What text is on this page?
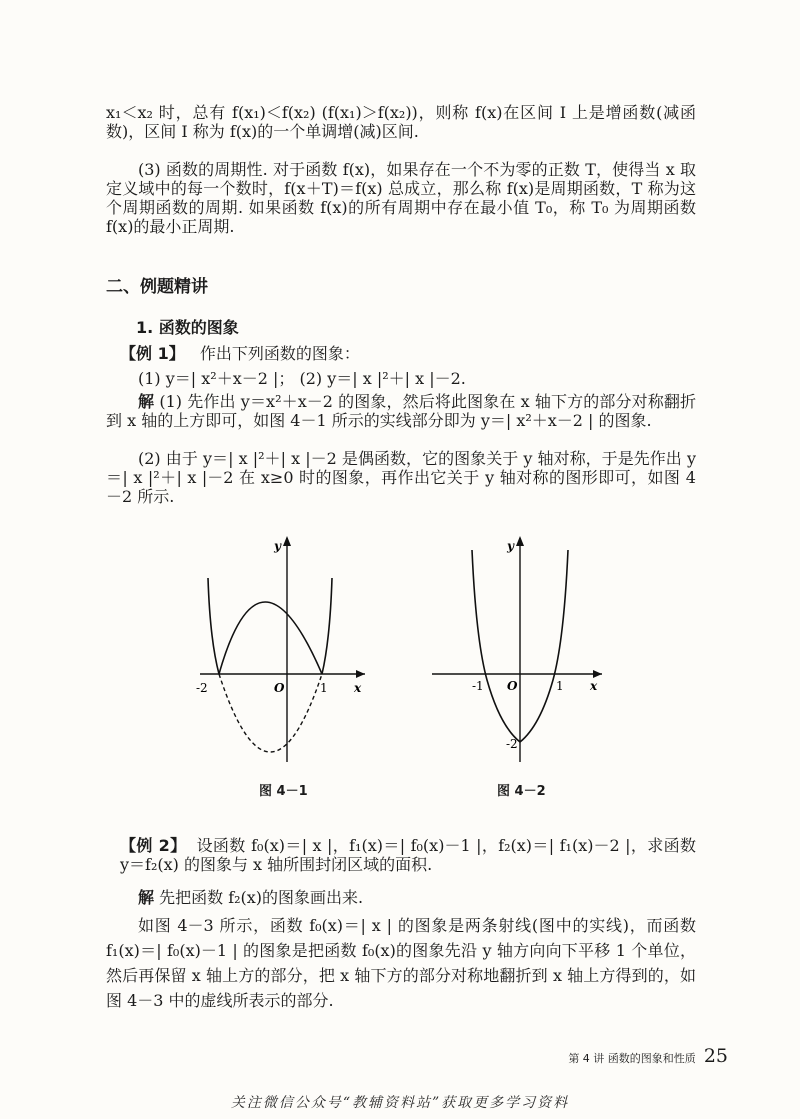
x₁＜x₂ 时，总有 f(x₁)＜f(x₂) (f(x₁)＞f(x₂))，则称 f(x)在区间 I 上是增函数(减函数)，区间 I 称为 f(x)的一个单调增(减)区间.
(3) 函数的周期性. 对于函数 f(x)，如果存在一个不为零的正数 T，使得当 x 取定义域中的每一个数时，f(x＋T)＝f(x) 总成立，那么称 f(x)是周期函数，T 称为这个周期函数的周期. 如果函数 f(x)的所有周期中存在最小值 T₀，称 T₀ 为周期函数 f(x)的最小正周期.
二、例题精讲
1. 函数的图象
【例 1】 作出下列函数的图象：
(1) y＝| x²＋x－2 |； (2) y＝| x |²＋| x |－2.
解 (1) 先作出 y＝x²＋x－2 的图象，然后将此图象在 x 轴下方的部分对称翻折到 x 轴的上方即可，如图 4－1 所示的实线部分即为 y＝| x²＋x－2 | 的图象.
(2) 由于 y＝| x |²＋| x |－2 是偶函数，它的图象关于 y 轴对称，于是先作出 y＝| x |²＋| x |－2 在 x≥0 时的图象，再作出它关于 y 轴对称的图形即可，如图 4－2 所示.
-2	O	1 x
y
图 4－1
-1 O	1 x
-2
y
图 4－2
【例 2】 设函数 f₀(x)＝| x |，f₁(x)＝| f₀(x)－1 |，f₂(x)＝| f₁(x)－2 |，求函数 y＝f₂(x) 的图象与 x 轴所围封闭区域的面积.
解 先把函数 f₂(x)的图象画出来.
如图 4－3 所示，函数 f₀(x)＝| x | 的图象是两条射线(图中的实线)，而函数 f₁(x)＝| f₀(x)－1 | 的图象是把函数 f₀(x)的图象先沿 y 轴方向向下平移 1 个单位，然后再保留 x 轴上方的部分，把 x 轴下方的部分对称地翻折到 x 轴上方得到的，如图 4－3 中的虚线所表示的部分.
第 4 讲 函数的图象和性质 25
关注微信公众号“教辅资料站”获取更多学习资料
